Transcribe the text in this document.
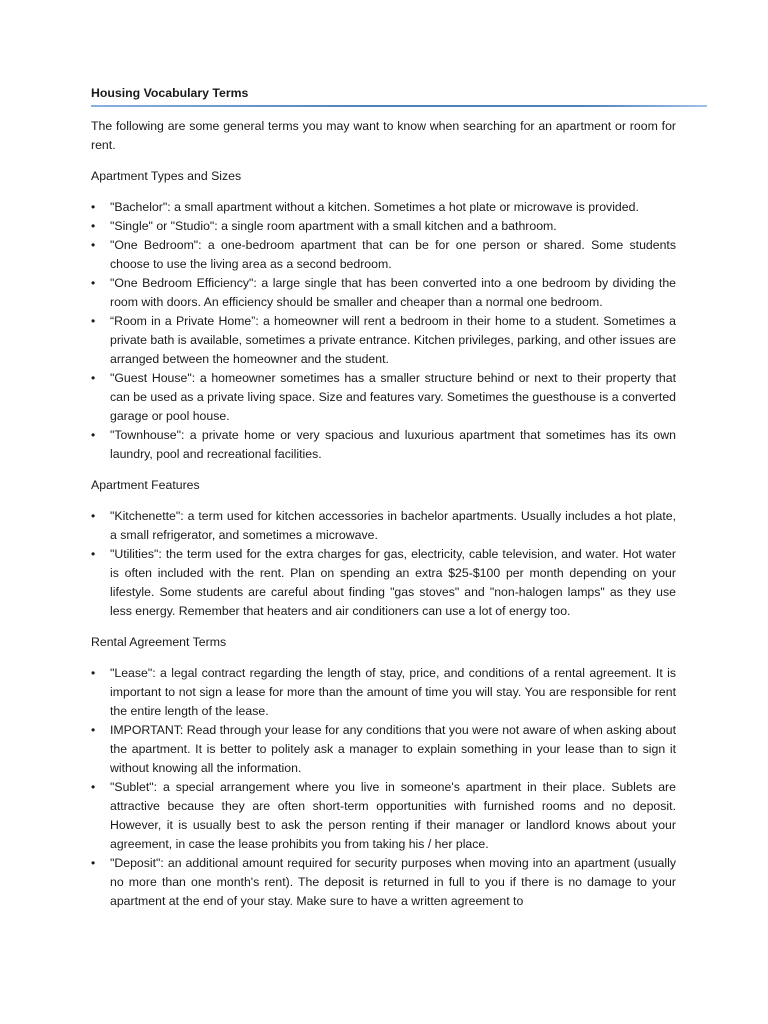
Housing Vocabulary Terms

The following are some general terms you may want to know when searching for an apartment or room for rent.

Apartment Types and Sizes

• "Bachelor": a small apartment without a kitchen. Sometimes a hot plate or microwave is provided.
• "Single" or "Studio": a single room apartment with a small kitchen and a bathroom.
• "One Bedroom": a one-bedroom apartment that can be for one person or shared. Some students choose to use the living area as a second bedroom.
• "One Bedroom Efficiency": a large single that has been converted into a one bedroom by dividing the room with doors. An efficiency should be smaller and cheaper than a normal one bedroom.
• “Room in a Private Home”: a homeowner will rent a bedroom in their home to a student. Sometimes a private bath is available, sometimes a private entrance. Kitchen privileges, parking, and other issues are arranged between the homeowner and the student.
• "Guest House": a homeowner sometimes has a smaller structure behind or next to their property that can be used as a private living space. Size and features vary. Sometimes the guesthouse is a converted garage or pool house.
• "Townhouse": a private home or very spacious and luxurious apartment that sometimes has its own laundry, pool and recreational facilities.

Apartment Features

• "Kitchenette": a term used for kitchen accessories in bachelor apartments. Usually includes a hot plate, a small refrigerator, and sometimes a microwave.
• "Utilities": the term used for the extra charges for gas, electricity, cable television, and water. Hot water is often included with the rent. Plan on spending an extra $25-$100 per month depending on your lifestyle. Some students are careful about finding "gas stoves" and "non-halogen lamps" as they use less energy. Remember that heaters and air conditioners can use a lot of energy too.

Rental Agreement Terms

• "Lease": a legal contract regarding the length of stay, price, and conditions of a rental agreement. It is important to not sign a lease for more than the amount of time you will stay. You are responsible for rent the entire length of the lease.
• IMPORTANT: Read through your lease for any conditions that you were not aware of when asking about the apartment. It is better to politely ask a manager to explain something in your lease than to sign it without knowing all the information.
• "Sublet": a special arrangement where you live in someone's apartment in their place. Sublets are attractive because they are often short-term opportunities with furnished rooms and no deposit. However, it is usually best to ask the person renting if their manager or landlord knows about your agreement, in case the lease prohibits you from taking his / her place.
• "Deposit": an additional amount required for security purposes when moving into an apartment (usually no more than one month's rent). The deposit is returned in full to you if there is no damage to your apartment at the end of your stay. Make sure to have a written agreement to
